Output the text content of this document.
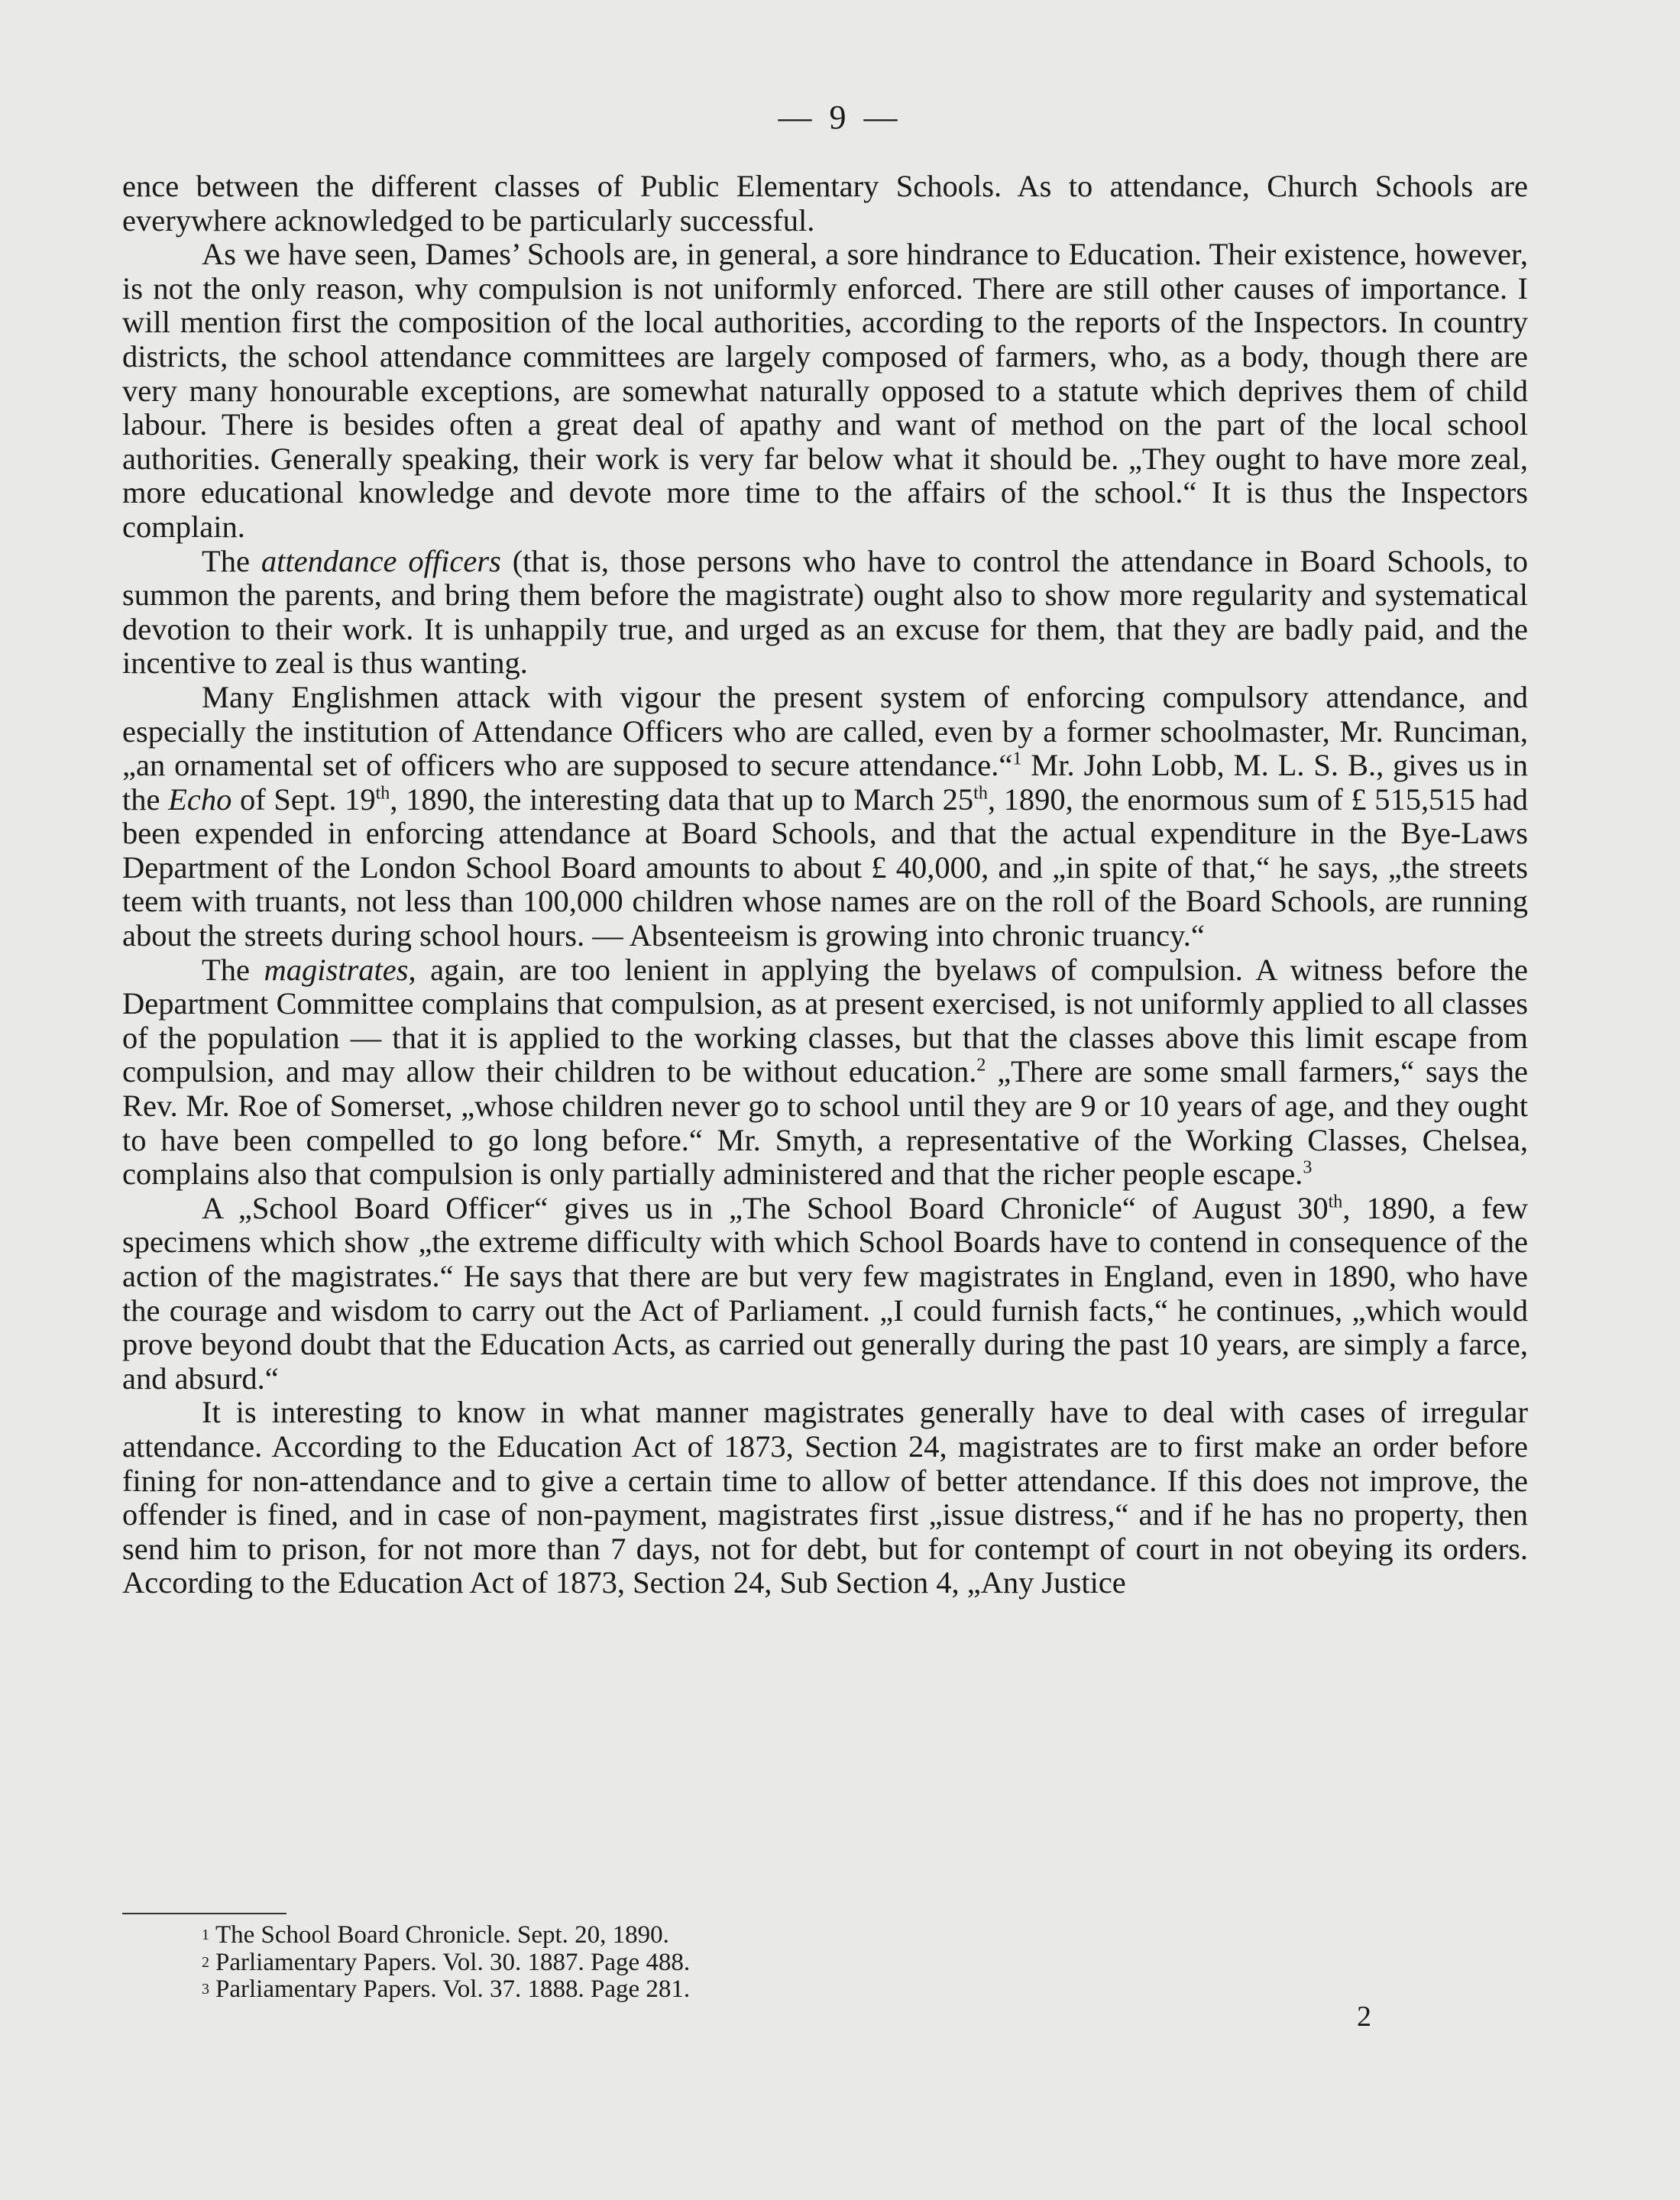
— 9 —

ence between the different classes of Public Elementary Schools. As to attendance, Church Schools are everywhere acknowledged to be particularly successful.

As we have seen, Dames’ Schools are, in general, a sore hindrance to Education. Their existence, however, is not the only reason, why compulsion is not uniformly enforced. There are still other causes of importance. I will mention first the composition of the local authorities, according to the reports of the Inspectors. In country districts, the school attendance committees are largely composed of farmers, who, as a body, though there are very many honourable exceptions, are somewhat naturally opposed to a statute which deprives them of child labour. There is besides often a great deal of apathy and want of method on the part of the local school authorities. Generally speaking, their work is very far below what it should be. „They ought to have more zeal, more educational knowledge and devote more time to the affairs of the school.“ It is thus the Inspectors complain.

The attendance officers (that is, those persons who have to control the attendance in Board Schools, to summon the parents, and bring them before the magistrate) ought also to show more regularity and systematical devotion to their work. It is unhappily true, and urged as an excuse for them, that they are badly paid, and the incentive to zeal is thus wanting.

Many Englishmen attack with vigour the present system of enforcing compulsory attendance, and especially the institution of Attendance Officers who are called, even by a former schoolmaster, Mr. Runciman, „an ornamental set of officers who are supposed to secure attendance.“$^1$ Mr. John Lobb, M. L. S. B., gives us in the Echo of Sept. 19th, 1890, the interesting data that up to March 25th, 1890, the enormous sum of £ 515,515 had been expended in enforcing attendance at Board Schools, and that the actual expenditure in the Bye-Laws Department of the London School Board amounts to about £ 40,000, and „in spite of that,“ he says, „the streets teem with truants, not less than 100,000 children whose names are on the roll of the Board Schools, are running about the streets during school hours. — Absenteeism is growing into chronic truancy.“

The magistrates, again, are too lenient in applying the byelaws of compulsion. A witness before the Department Committee complains that compulsion, as at present exercised, is not uniformly applied to all classes of the population — that it is applied to the working classes, but that the classes above this limit escape from compulsion, and may allow their children to be without education.$^2$ „There are some small farmers,“ says the Rev. Mr. Roe of Somerset, „whose children never go to school until they are 9 or 10 years of age, and they ought to have been compelled to go long before.“ Mr. Smyth, a representative of the Working Classes, Chelsea, complains also that compulsion is only partially administered and that the richer people escape.$^3$

A „School Board Officer“ gives us in „The School Board Chronicle“ of August 30th, 1890, a few specimens which show „the extreme difficulty with which School Boards have to contend in consequence of the action of the magistrates.“ He says that there are but very few magistrates in England, even in 1890, who have the courage and wisdom to carry out the Act of Parliament. „I could furnish facts,“ he continues, „which would prove beyond doubt that the Education Acts, as carried out generally during the past 10 years, are simply a farce, and absurd.“

It is interesting to know in what manner magistrates generally have to deal with cases of irregular attendance. According to the Education Act of 1873, Section 24, magistrates are to first make an order before fining for non-attendance and to give a certain time to allow of better attendance. If this does not improve, the offender is fined, and in case of non-payment, magistrates first „issue distress,“ and if he has no property, then send him to prison, for not more than 7 days, not for debt, but for contempt of court in not obeying its orders. According to the Education Act of 1873, Section 24, Sub Section 4, „Any Justice

$^1$ The School Board Chronicle. Sept. 20, 1890.
$^2$ Parliamentary Papers. Vol. 30. 1887. Page 488.
$^3$ Parliamentary Papers. Vol. 37. 1888. Page 281.
2
